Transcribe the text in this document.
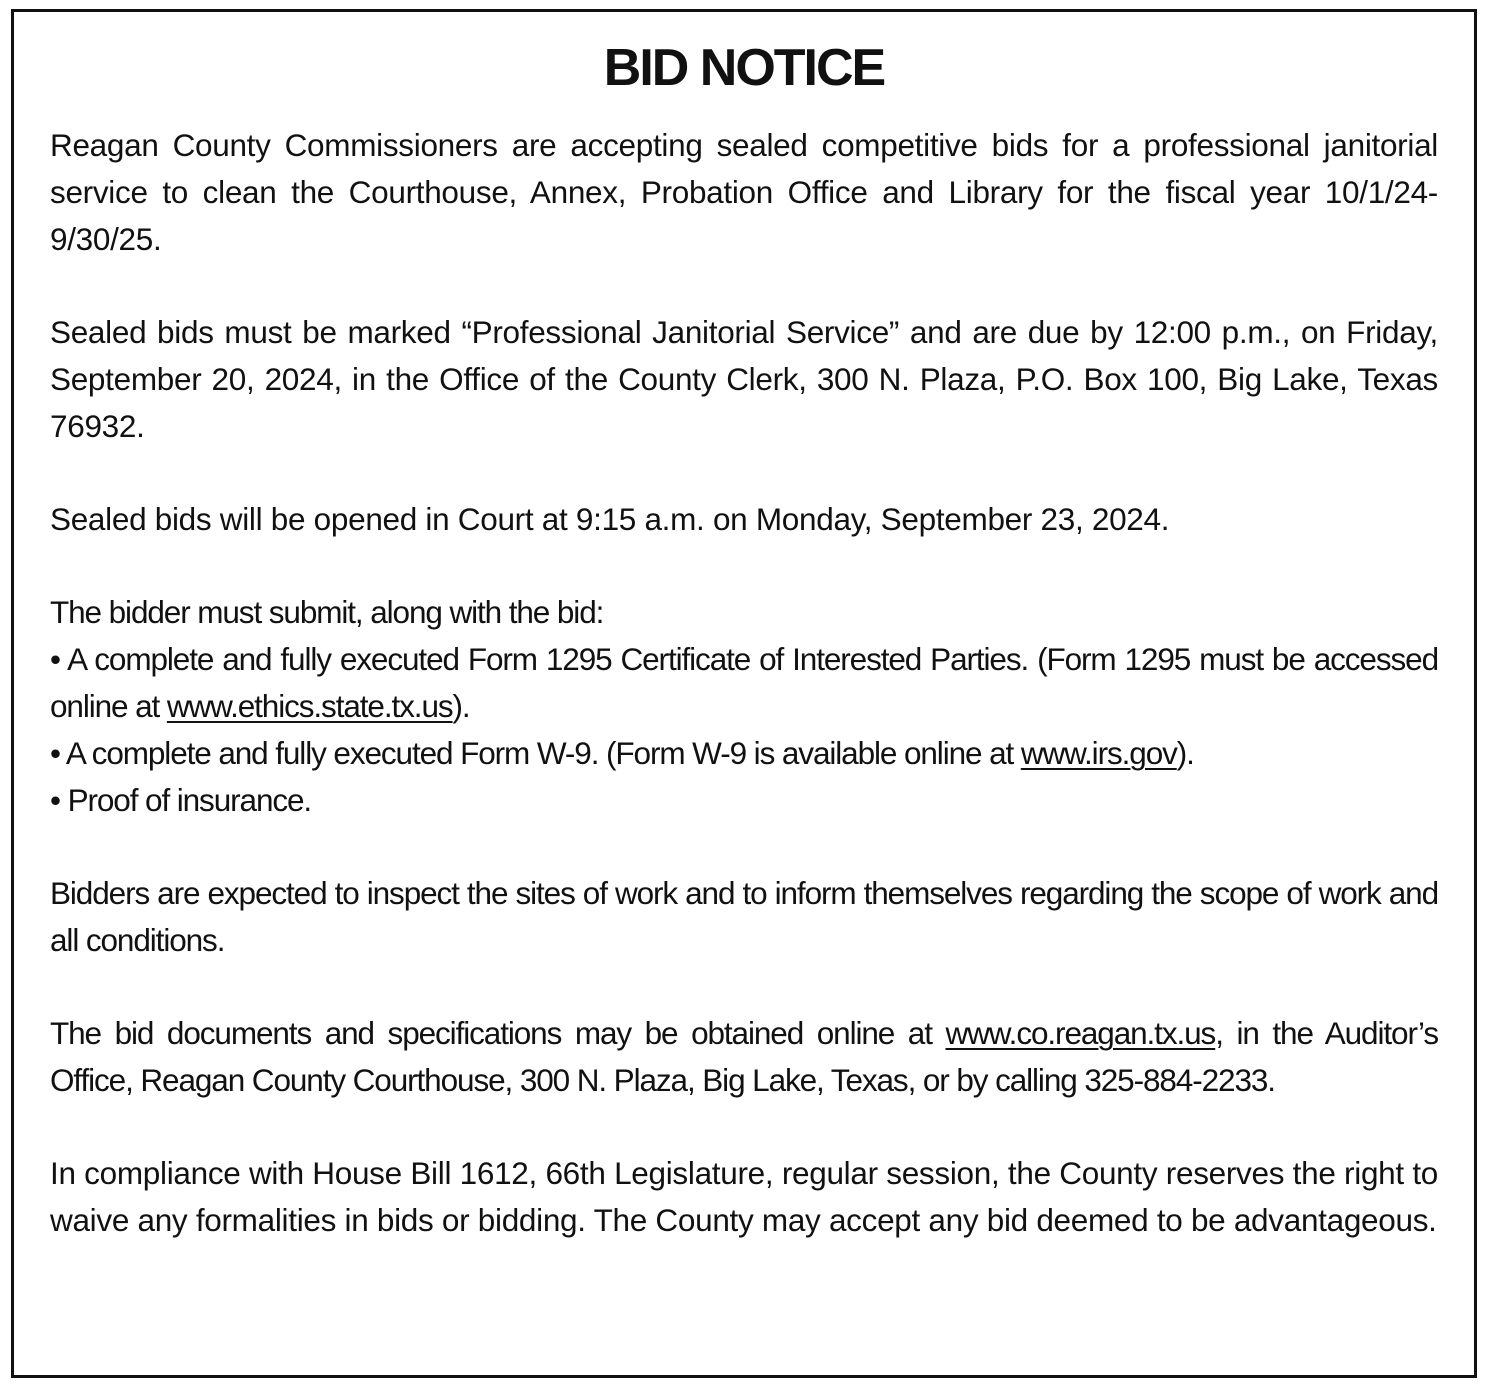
BID NOTICE

Reagan County Commissioners are accepting sealed competitive bids for a professional janitorial service to clean the Courthouse, Annex, Probation Office and Library for the fiscal year 10/1/24- 9/30/25.

Sealed bids must be marked “Professional Janitorial Service” and are due by 12:00 p.m., on Friday, September 20, 2024, in the Office of the County Clerk, 300 N. Plaza, P.O. Box 100, Big Lake, Texas 76932.

Sealed bids will be opened in Court at 9:15 a.m. on Monday, September 23, 2024.

The bidder must submit, along with the bid:
• A complete and fully executed Form 1295 Certificate of Interested Parties. (Form 1295 must be accessed online at www.ethics.state.tx.us).
• A complete and fully executed Form W-9. (Form W-9 is available online at www.irs.gov).
• Proof of insurance.

Bidders are expected to inspect the sites of work and to inform themselves regarding the scope of work and all conditions.

The bid documents and specifications may be obtained online at www.co.reagan.tx.us, in the Auditor’s Office, Reagan County Courthouse, 300 N. Plaza, Big Lake, Texas, or by calling 325-884-2233.

In compliance with House Bill 1612, 66th Legislature, regular session, the County reserves the right to waive any formalities in bids or bidding. The County may accept any bid deemed to be advantageous.
